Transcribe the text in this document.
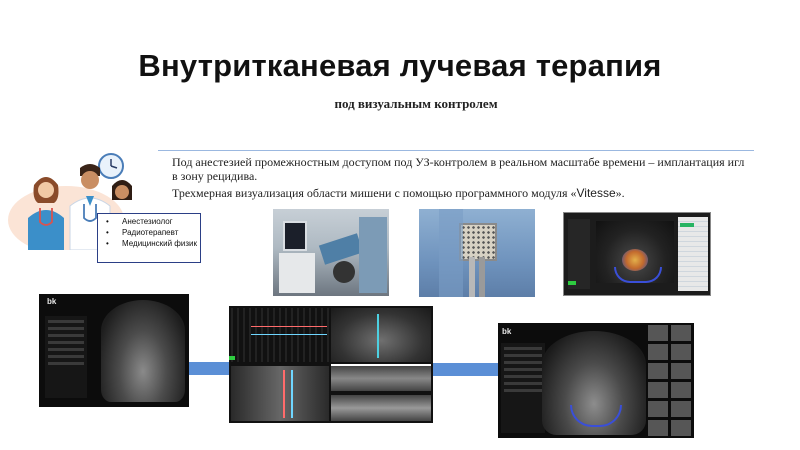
Внутритканевая лучевая терапия
под визуальным контролем
Под анестезией промежностным доступом под УЗ-контролем в реальном масштабе времени – имплантация игл в зону рецидива.
Трехмерная визуализация области мишени с помощью программного модуля «Vitesse».
• Анестезиолог
• Радиотерапевт
• Медицинский физик
bk
bk
